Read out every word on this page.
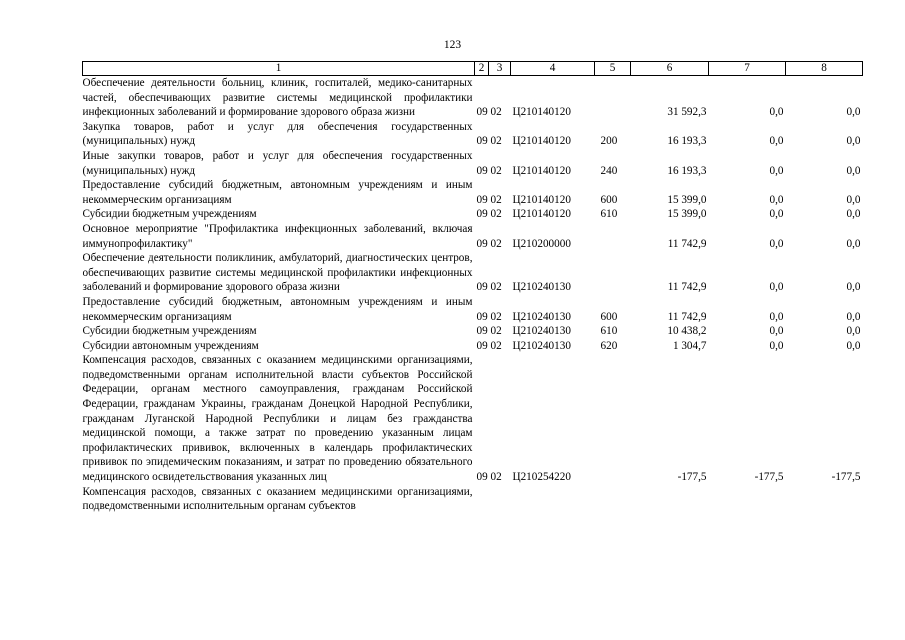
123
1	2	3	4	5	6	7	8
Обеспечение деятельности больниц, клиник, госпиталей, медико-санитарных частей, обеспечивающих развитие системы медицинской профилактики инфекционных заболеваний и формирование здорового образа жизни	09	02	Ц210140120		31 592,3	0,0	0,0
Закупка товаров, работ и услуг для обеспечения государственных (муниципальных) нужд	09	02	Ц210140120	200	16 193,3	0,0	0,0
Иные закупки товаров, работ и услуг для обеспечения государственных (муниципальных) нужд	09	02	Ц210140120	240	16 193,3	0,0	0,0
Предоставление субсидий бюджетным, автономным учреждениям и иным некоммерческим организациям	09	02	Ц210140120	600	15 399,0	0,0	0,0
Субсидии бюджетным учреждениям	09	02	Ц210140120	610	15 399,0	0,0	0,0
Основное мероприятие "Профилактика инфекционных заболеваний, включая иммунопрофилактику"	09	02	Ц210200000		11 742,9	0,0	0,0
Обеспечение деятельности поликлиник, амбулаторий, диагностических центров, обеспечивающих развитие системы медицинской профилактики инфекционных заболеваний и формирование здорового образа жизни	09	02	Ц210240130		11 742,9	0,0	0,0
Предоставление субсидий бюджетным, автономным учреждениям и иным некоммерческим организациям	09	02	Ц210240130	600	11 742,9	0,0	0,0
Субсидии бюджетным учреждениям	09	02	Ц210240130	610	10 438,2	0,0	0,0
Субсидии автономным учреждениям	09	02	Ц210240130	620	1 304,7	0,0	0,0
Компенсация расходов, связанных с оказанием медицинскими организациями, подведомственными органам исполнительной власти субъектов Российской Федерации, органам местного самоуправления, гражданам Российской Федерации, гражданам Украины, гражданам Донецкой Народной Республики, гражданам Луганской Народной Республики и лицам без гражданства медицинской помощи, а также затрат по проведению указанным лицам профилактических прививок, включенных в календарь профилактических прививок по эпидемическим показаниям, и затрат по проведению обязательного медицинского освидетельствования указанных лиц	09	02	Ц210254220		-177,5	-177,5	-177,5
Компенсация расходов, связанных с оказанием медицинскими организациями, подведомственными исполнительным органам субъектов							
